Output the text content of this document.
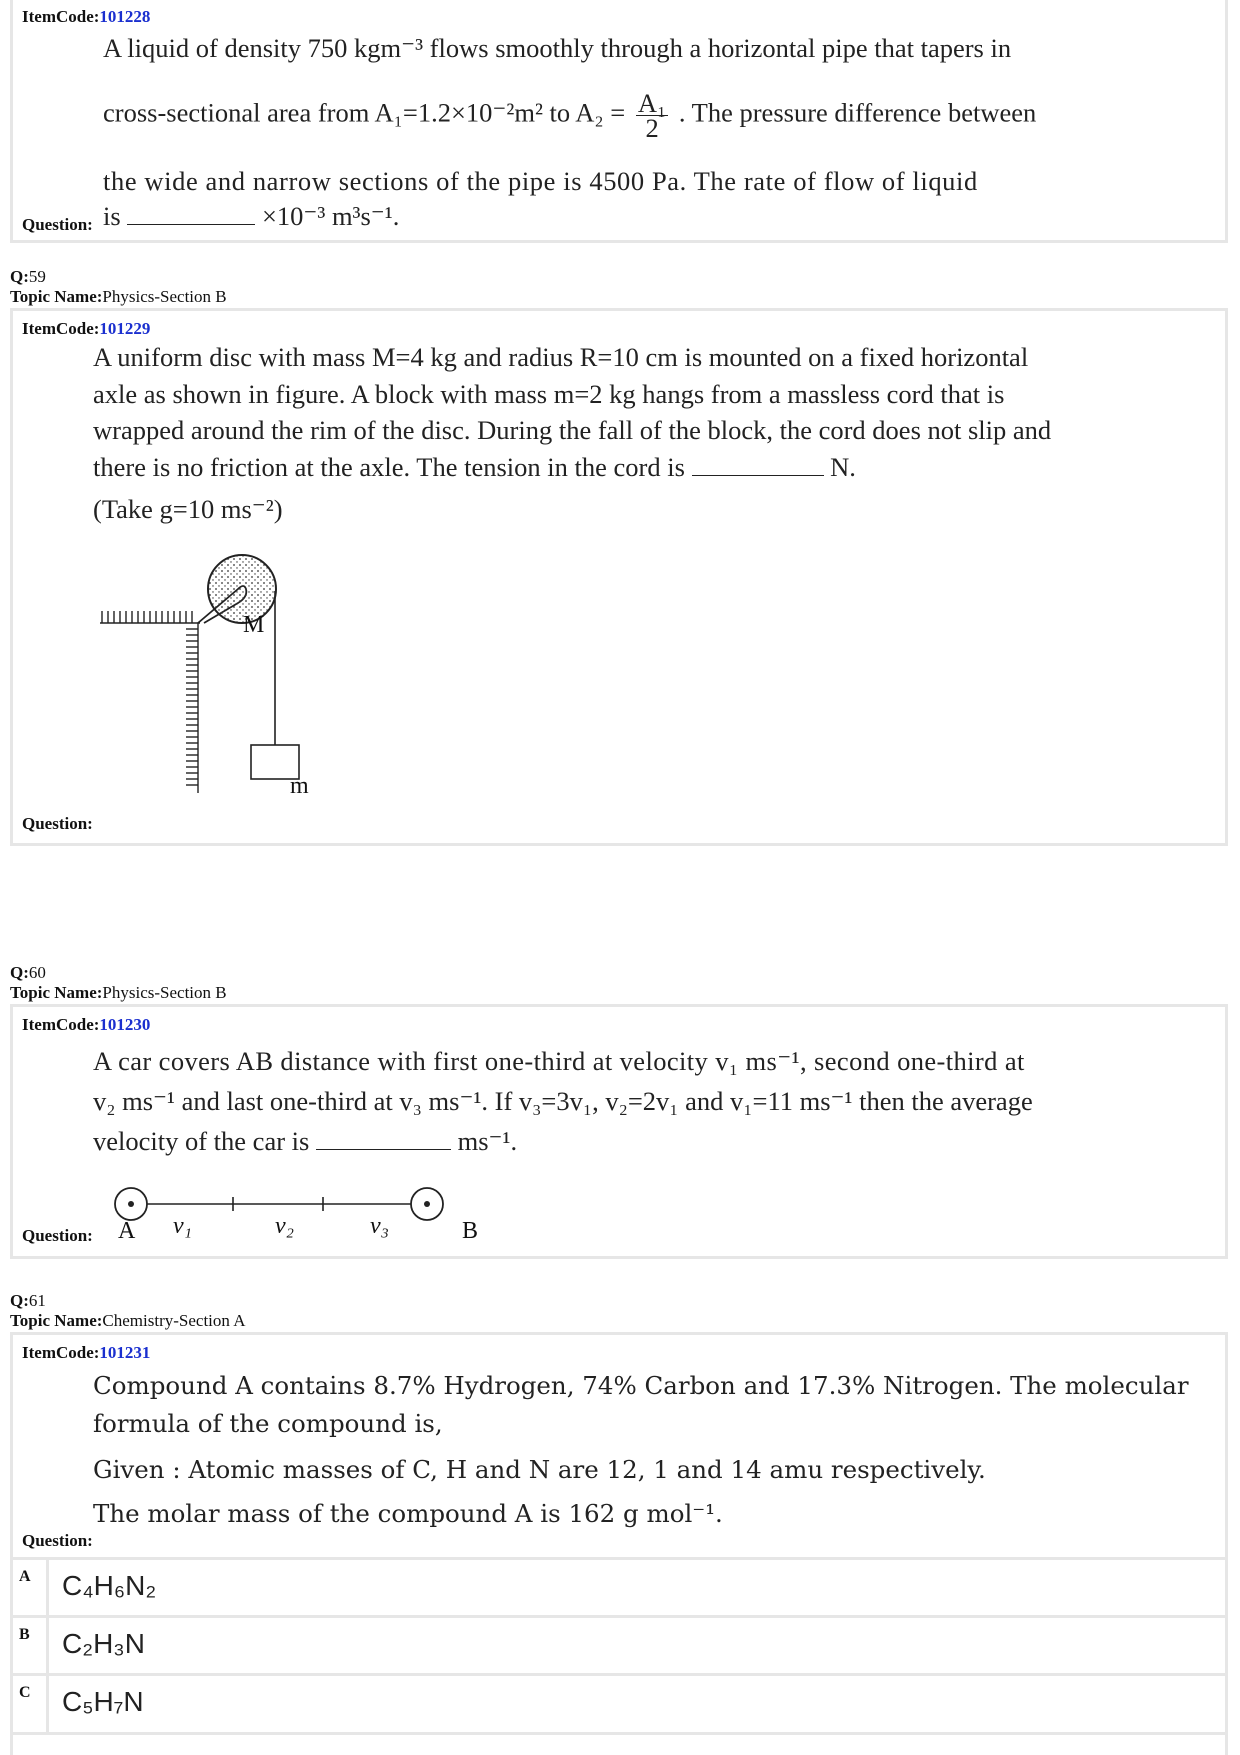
ItemCode:101228

A liquid of density 750 kgm⁻³ flows smoothly through a horizontal pipe that tapers in

cross-sectional area from A₁=1.2×10⁻²m² to $A_2 = \frac{\text{A₁}}{2}$ . The pressure difference between

the wide and narrow sections of the pipe is 4500 Pa. The rate of flow of liquid

is	×10⁻³ m³s⁻¹.

Question:
Q:59
Topic Name:Physics-Section B
ItemCode:101229

A uniform disc with mass M=4 kg and radius R=10 cm is mounted on a fixed horizontal

axle as shown in figure. A block with mass m=2 kg hangs from a massless cord that is

wrapped around the rim of the disc. During the fall of the block, the cord does not slip and

there is no friction at the axle. The tension in the cord is	N.

(Take g=10 ms⁻²)

M
m
Question:
Q:60
Topic Name:Physics-Section B
ItemCode:101230

A car covers AB distance with first one-third at velocity v₁ ms⁻¹, second one-third at

v₂ ms⁻¹ and last one-third at v₃ ms⁻¹. If v₃=3v₁, v₂=2v₁ and v₁=11 ms⁻¹ then the average

velocity of the car is	ms⁻¹.

A v₁	v₂	v₃	B
Question:
Q:61
Topic Name:Chemistry-Section A
ItemCode:101231

Compound A contains 8.7% Hydrogen, 74% Carbon and 17.3% Nitrogen. The molecular

formula of the compound is,

Given : Atomic masses of C, H and N are 12, 1 and 14 amu respectively.

The molar mass of the compound A is 162 g mol⁻¹.

Question:
A C₄H₆N₂
B C₂H₃N
C C₅H₇N
